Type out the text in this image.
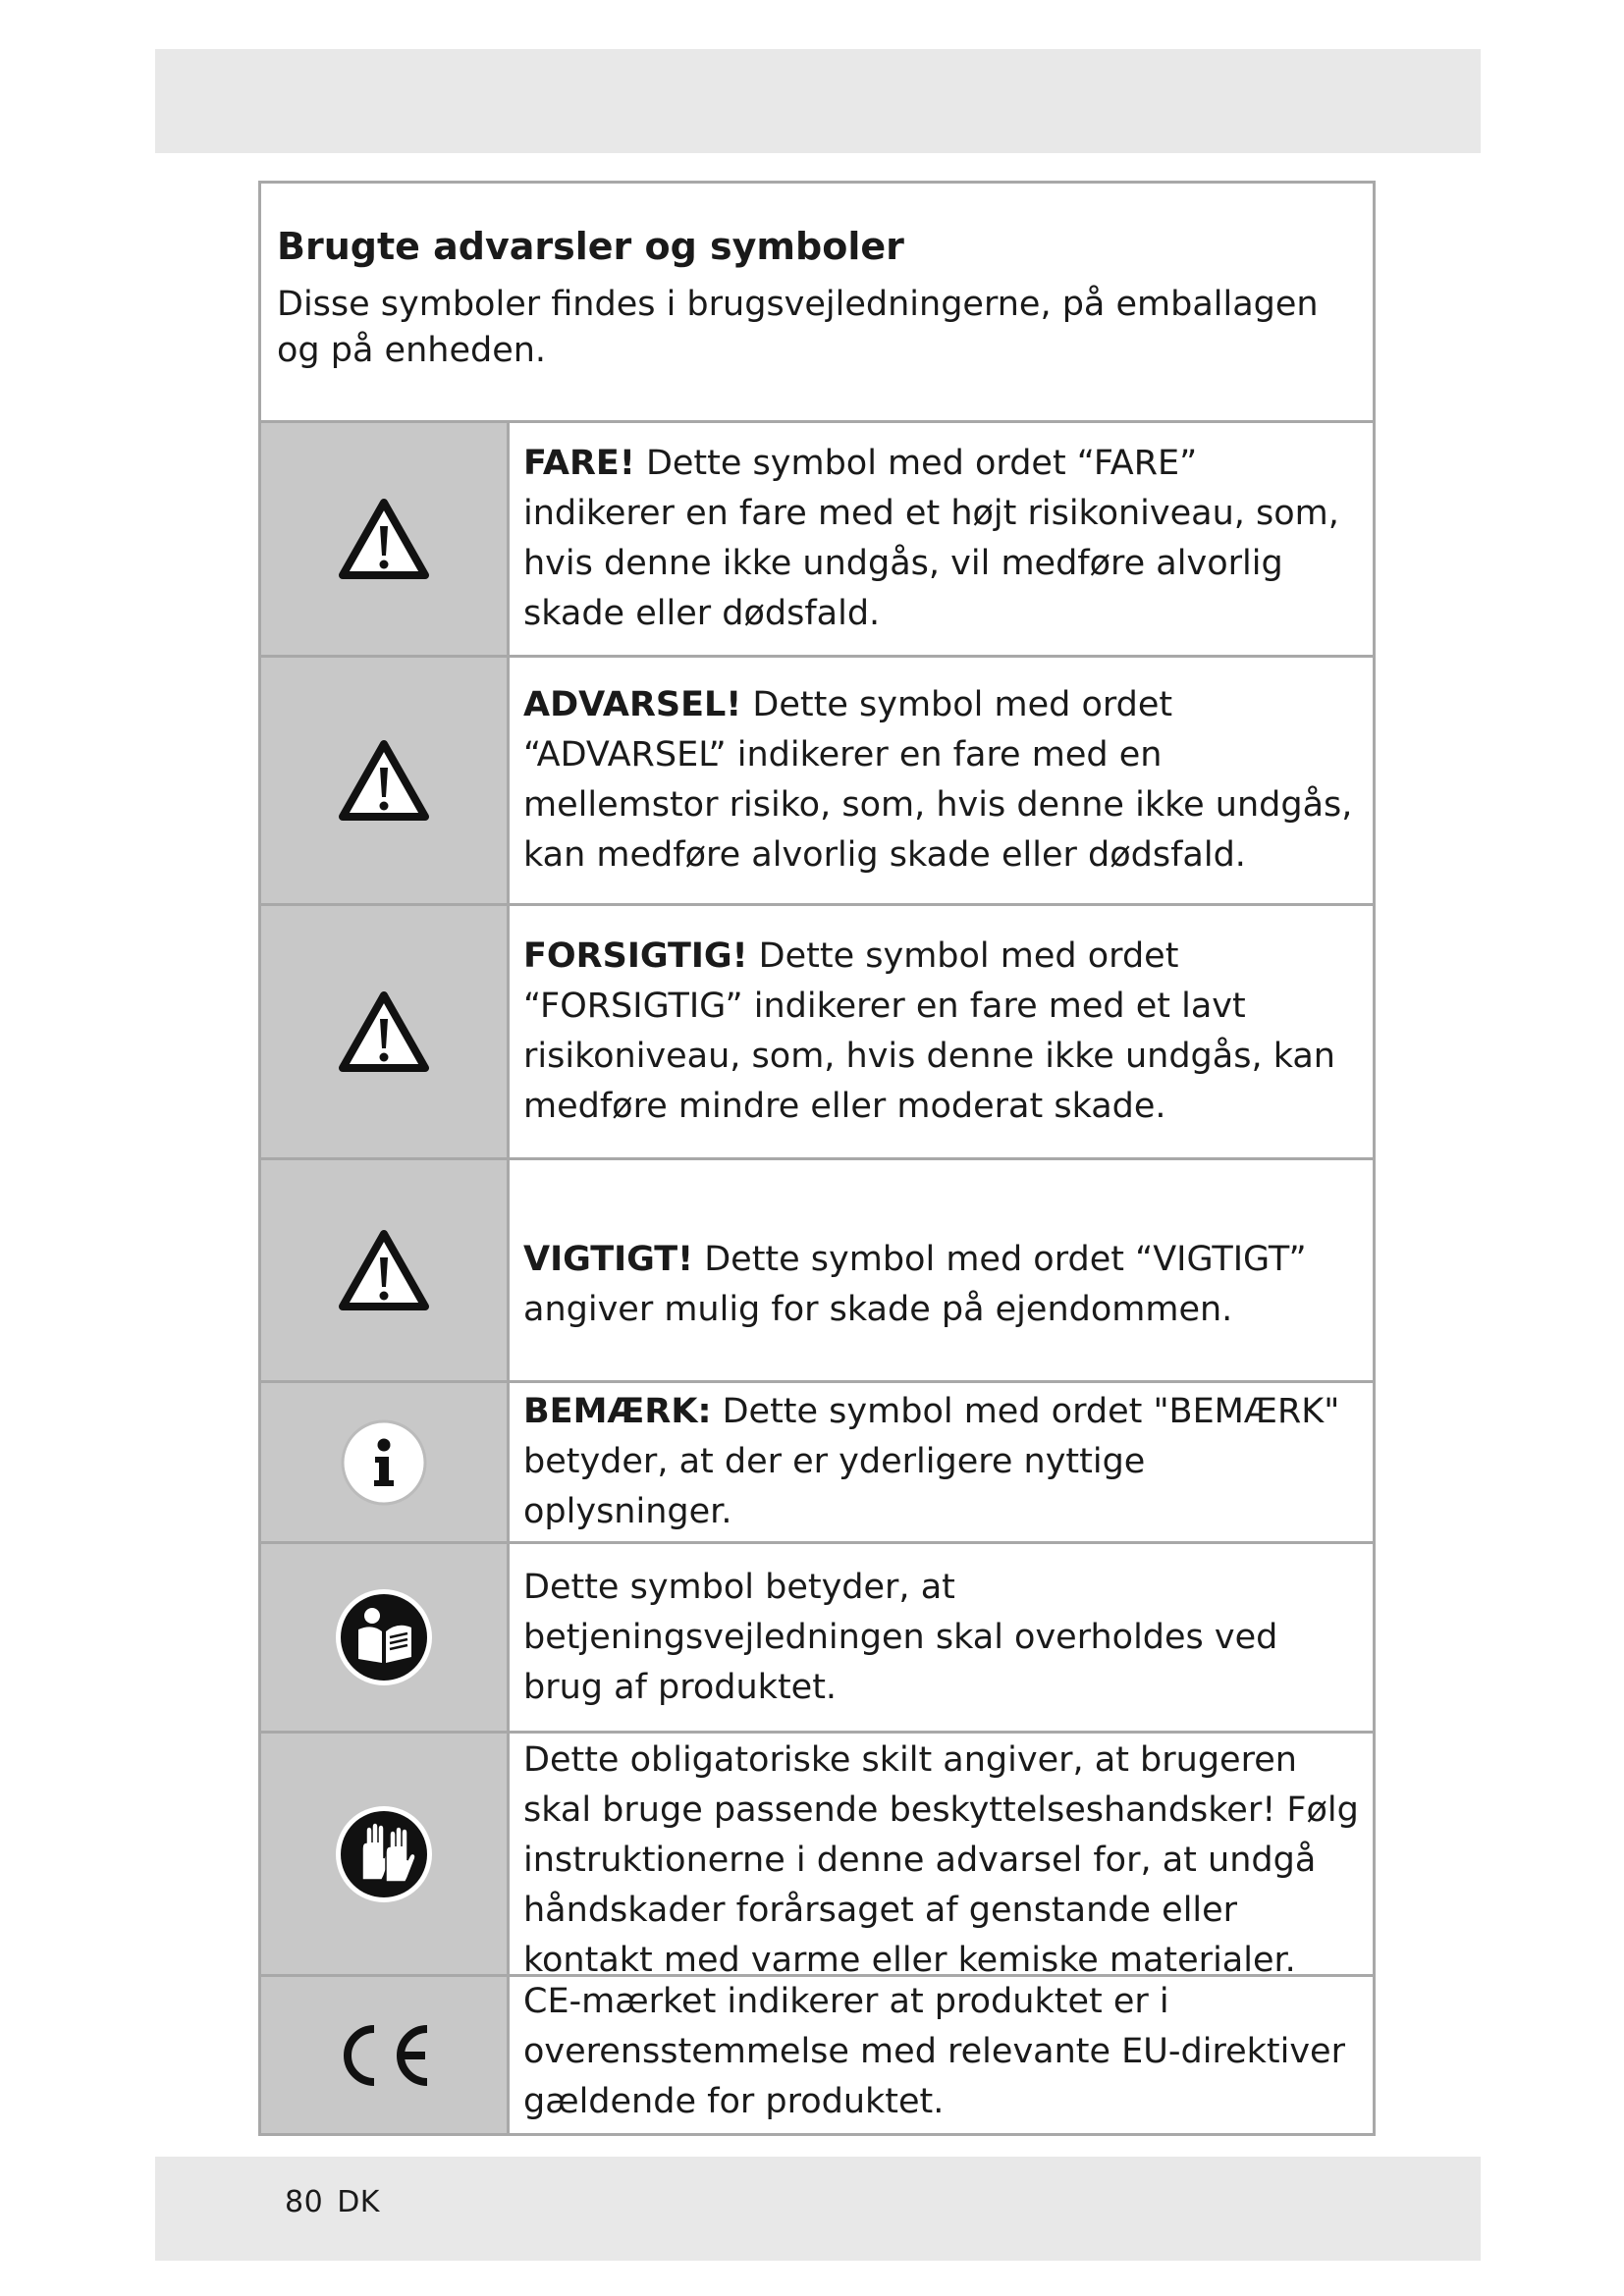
Brugte advarsler og symboler

Disse symboler findes i brugsvejledningerne, på emballagen og på enheden.

FARE! Dette symbol med ordet “FARE” indikerer en fare med et højt risikoniveau, som, hvis denne ikke undgås, vil medføre alvorlig skade eller dødsfald.

ADVARSEL! Dette symbol med ordet “ADVARSEL” indikerer en fare med en mellemstor risiko, som, hvis denne ikke undgås, kan medføre alvorlig skade eller dødsfald.

FORSIGTIG! Dette symbol med ordet “FORSIGTIG” indikerer en fare med et lavt risikoniveau, som, hvis denne ikke undgås, kan medføre mindre eller moderat skade.

VIGTIGT! Dette symbol med ordet “VIGTIGT” angiver mulig for skade på ejendommen.

BEMÆRK: Dette symbol med ordet "BEMÆRK" betyder, at der er yderligere nyttige oplysninger.

Dette symbol betyder, at betjeningsvejledningen skal overholdes ved brug af produktet.

Dette obligatoriske skilt angiver, at brugeren skal bruge passende beskyttelseshandsker! Følg instruktionerne i denne advarsel for, at undgå håndskader forårsaget af genstande eller kontakt med varme eller kemiske materialer.

CE-mærket indikerer at produktet er i overensstemmelse med relevante EU-direktiver gældende for produktet.

80 DK
